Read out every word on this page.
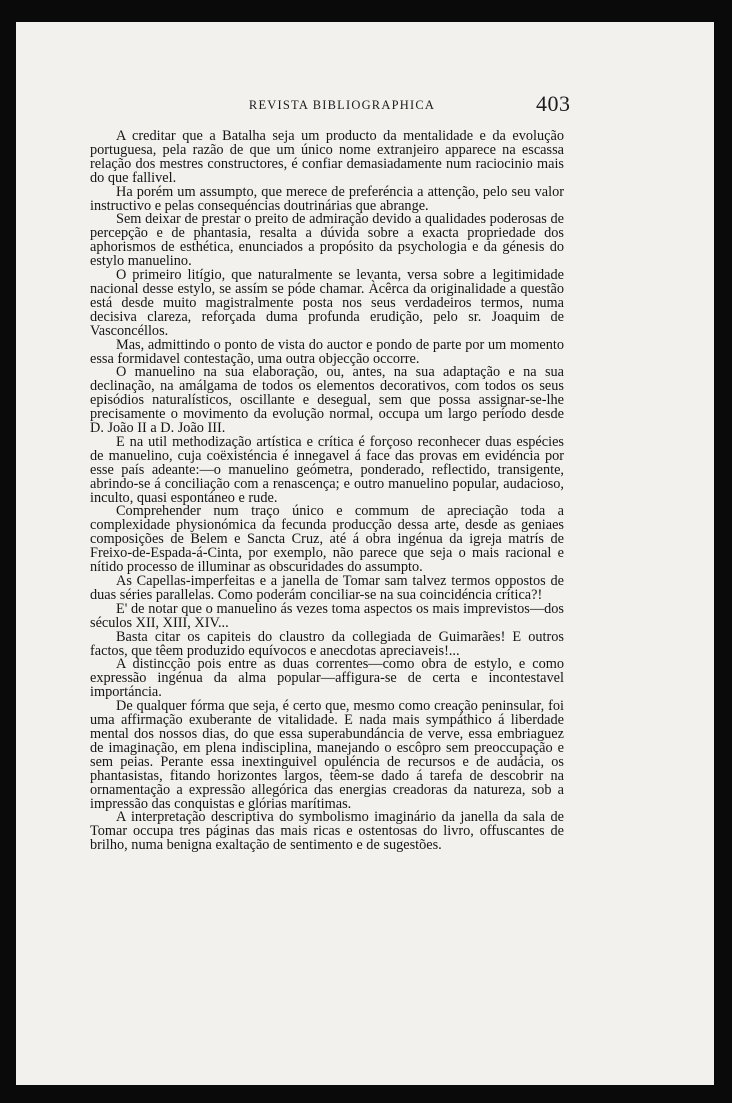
REVISTA BIBLIOGRAPHICA	403

A creditar que a Batalha seja um producto da mentalidade e da evolução portuguesa, pela razão de que um único nome extranjeiro apparece na escassa relação dos mestres constructores, é confiar demasiadamente num raciocinio mais do que fallivel.

Ha porém um assumpto, que merece de preferéncia a attenção, pelo seu valor instructivo e pelas consequéncias doutrinárias que abrange.

Sem deixar de prestar o preito de admiração devido a qualidades poderosas de percepção e de phantasia, resalta a dúvida sobre a exacta propriedade dos aphorismos de esthética, enunciados a propósito da psychologia e da génesis do estylo manuelino.

O primeiro litígio, que naturalmente se levanta, versa sobre a legitimidade nacional desse estylo, se assím se póde chamar. Àcêrca da originalidade a questão está desde muito magistralmente posta nos seus verdadeiros termos, numa decisiva clareza, reforçada duma profunda erudição, pelo sr. Joaquim de Vasconcéllos.

Mas, admittindo o ponto de vista do auctor e pondo de parte por um momento essa formidavel contestação, uma outra objecção occorre.

O manuelino na sua elaboração, ou, antes, na sua adaptação e na sua declinação, na amálgama de todos os elementos decorativos, com todos os seus episódios naturalísticos, oscillante e desegual, sem que possa assignar-se-lhe precisamente o movimento da evolução normal, occupa um largo período desde D. João II a D. João III.

E na util methodização artística e crítica é forçoso reconhecer duas espécies de manuelino, cuja coëxisténcia é innegavel á face das provas em evidéncia por esse país adeante:—o manuelino geómetra, ponderado, reflectido, transigente, abrindo-se á conciliação com a renascença; e outro manuelino popular, audacioso, inculto, quasi espontáneo e rude.

Comprehender num traço único e commum de apreciação toda a complexidade physionómica da fecunda producção dessa arte, desde as geniaes composições de Belem e Sancta Cruz, até á obra ingénua da igreja matrís de Freixo-de-Espada-á-Cinta, por exemplo, não parece que seja o mais racional e nítido processo de illuminar as obscuridades do assumpto.

As Capellas-imperfeitas e a janella de Tomar sam talvez termos oppostos de duas séries parallelas. Como poderám conciliar-se na sua coincidéncia crítica?!

E' de notar que o manuelino ás vezes toma aspectos os mais imprevistos—dos séculos XII, XIII, XIV...

Basta citar os capiteis do claustro da collegiada de Guimarães! E outros factos, que têem produzido equívocos e anecdotas apreciaveis!...

A distincção pois entre as duas correntes—como obra de estylo, e como expressão ingénua da alma popular—affigura-se de certa e incontestavel importáncia.

De qualquer fórma que seja, é certo que, mesmo como creação peninsular, foi uma affirmação exuberante de vitalidade. E nada mais sympáthico á liberdade mental dos nossos dias, do que essa superabundáncia de verve, essa embriaguez de imaginação, em plena indisciplina, manejando o escôpro sem preoccupação e sem peias. Perante essa inextinguivel opuléncia de recursos e de audácia, os phantasistas, fitando horizontes largos, têem-se dado á tarefa de descobrir na ornamentação a expressão allegórica das energias creadoras da natureza, sob a impressão das conquistas e glórias marítimas.

A interpretação descriptiva do symbolismo imaginário da janella da sala de Tomar occupa tres páginas das mais ricas e ostentosas do livro, offuscantes de brilho, numa benigna exaltação de sentimento e de sugestões.
